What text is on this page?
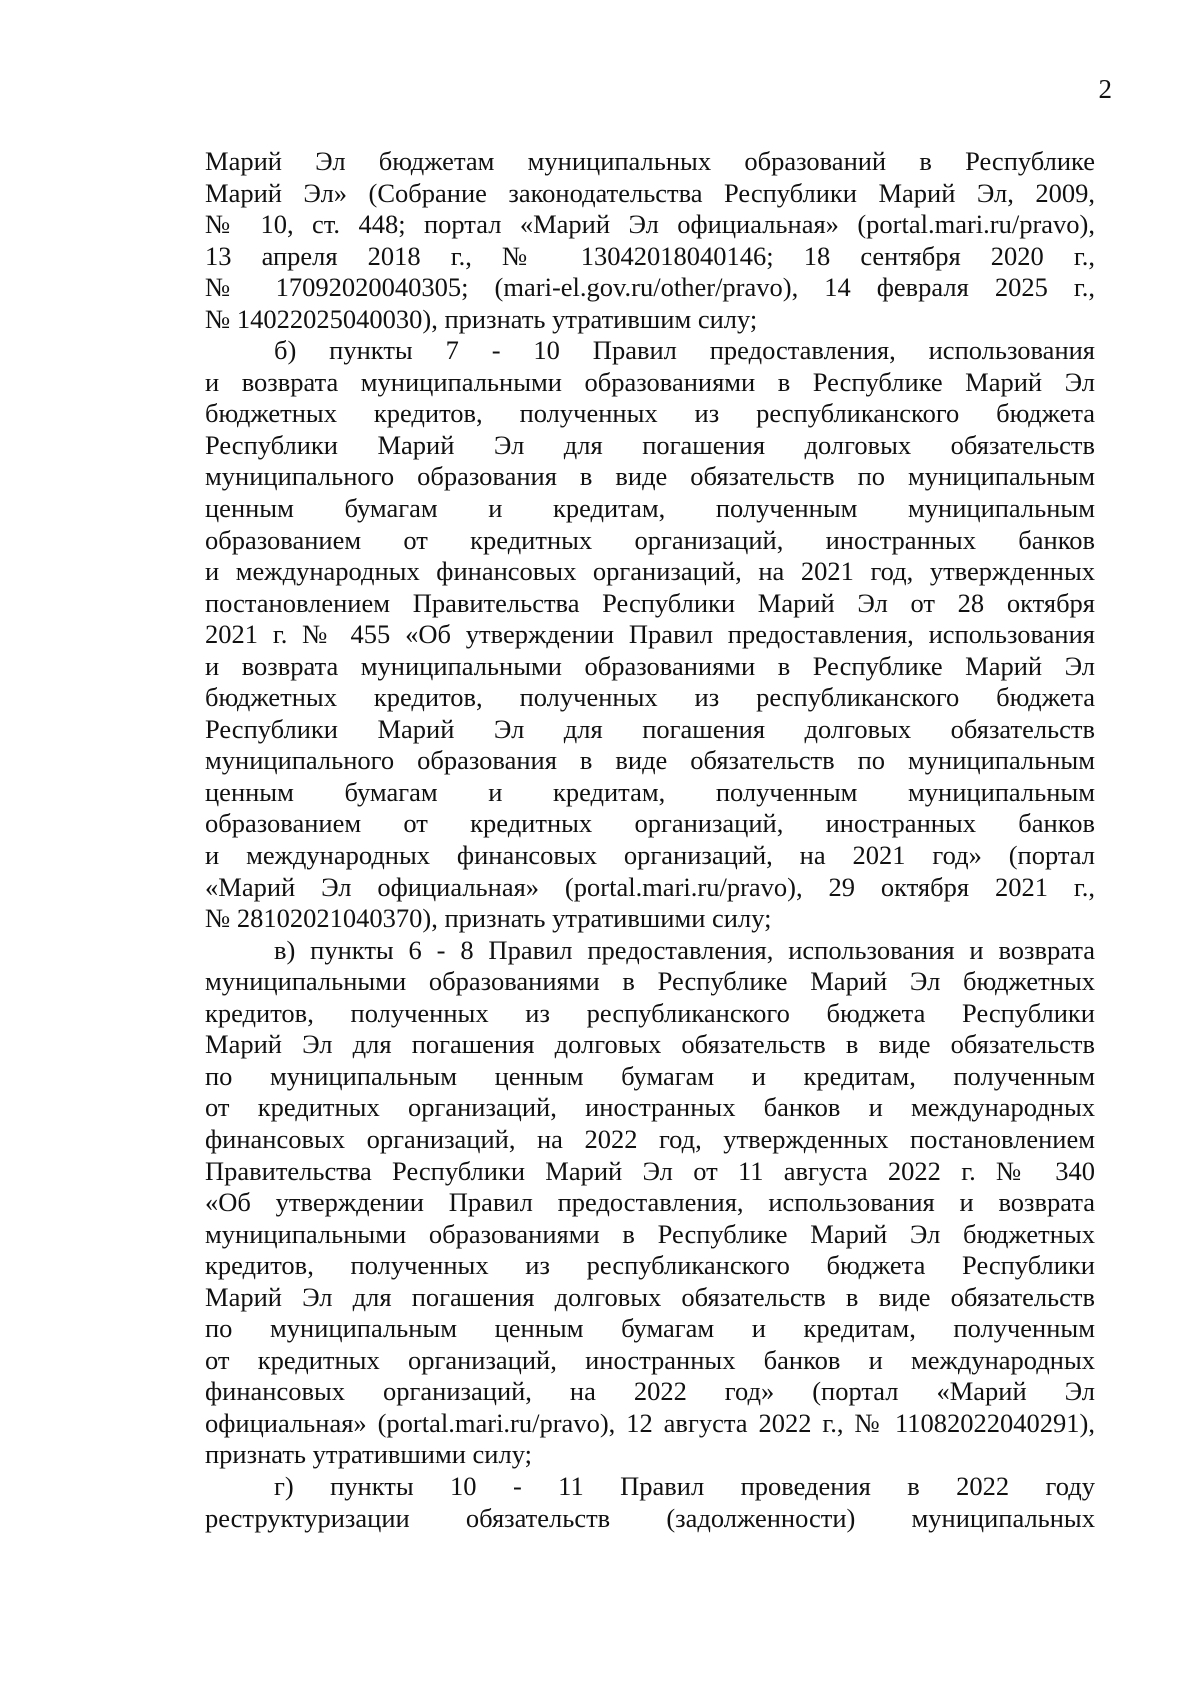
2
Марий Эл бюджетам муниципальных образований в Республике
Марий Эл» (Собрание законодательства Республики Марий Эл, 2009,
№ 10, ст. 448; портал «Марий Эл официальная» (portal.mari.ru/pravo),
13 апреля 2018 г., № 13042018040146; 18 сентября 2020 г.,
№ 17092020040305; (mari-el.gov.ru/other/pravo), 14 февраля 2025 г.,
№ 14022025040030), признать утратившим силу;
б) пункты 7 - 10 Правил предоставления, использования
и возврата муниципальными образованиями в Республике Марий Эл
бюджетных кредитов, полученных из республиканского бюджета
Республики Марий Эл для погашения долговых обязательств
муниципального образования в виде обязательств по муниципальным
ценным бумагам и кредитам, полученным муниципальным
образованием от кредитных организаций, иностранных банков
и международных финансовых организаций, на 2021 год, утвержденных
постановлением Правительства Республики Марий Эл от 28 октября
2021 г. № 455 «Об утверждении Правил предоставления, использования
и возврата муниципальными образованиями в Республике Марий Эл
бюджетных кредитов, полученных из республиканского бюджета
Республики Марий Эл для погашения долговых обязательств
муниципального образования в виде обязательств по муниципальным
ценным бумагам и кредитам, полученным муниципальным
образованием от кредитных организаций, иностранных банков
и международных финансовых организаций, на 2021 год» (портал
«Марий Эл официальная» (portal.mari.ru/pravo), 29 октября 2021 г.,
№ 28102021040370), признать утратившими силу;
в) пункты 6 - 8 Правил предоставления, использования и возврата
муниципальными образованиями в Республике Марий Эл бюджетных
кредитов, полученных из республиканского бюджета Республики
Марий Эл для погашения долговых обязательств в виде обязательств
по муниципальным ценным бумагам и кредитам, полученным
от кредитных организаций, иностранных банков и международных
финансовых организаций, на 2022 год, утвержденных постановлением
Правительства Республики Марий Эл от 11 августа 2022 г. № 340
«Об утверждении Правил предоставления, использования и возврата
муниципальными образованиями в Республике Марий Эл бюджетных
кредитов, полученных из республиканского бюджета Республики
Марий Эл для погашения долговых обязательств в виде обязательств
по муниципальным ценным бумагам и кредитам, полученным
от кредитных организаций, иностранных банков и международных
финансовых организаций, на 2022 год» (портал «Марий Эл
официальная» (portal.mari.ru/pravo), 12 августа 2022 г., № 11082022040291),
признать утратившими силу;
г) пункты 10 - 11 Правил проведения в 2022 году
реструктуризации обязательств (задолженности) муниципальных
